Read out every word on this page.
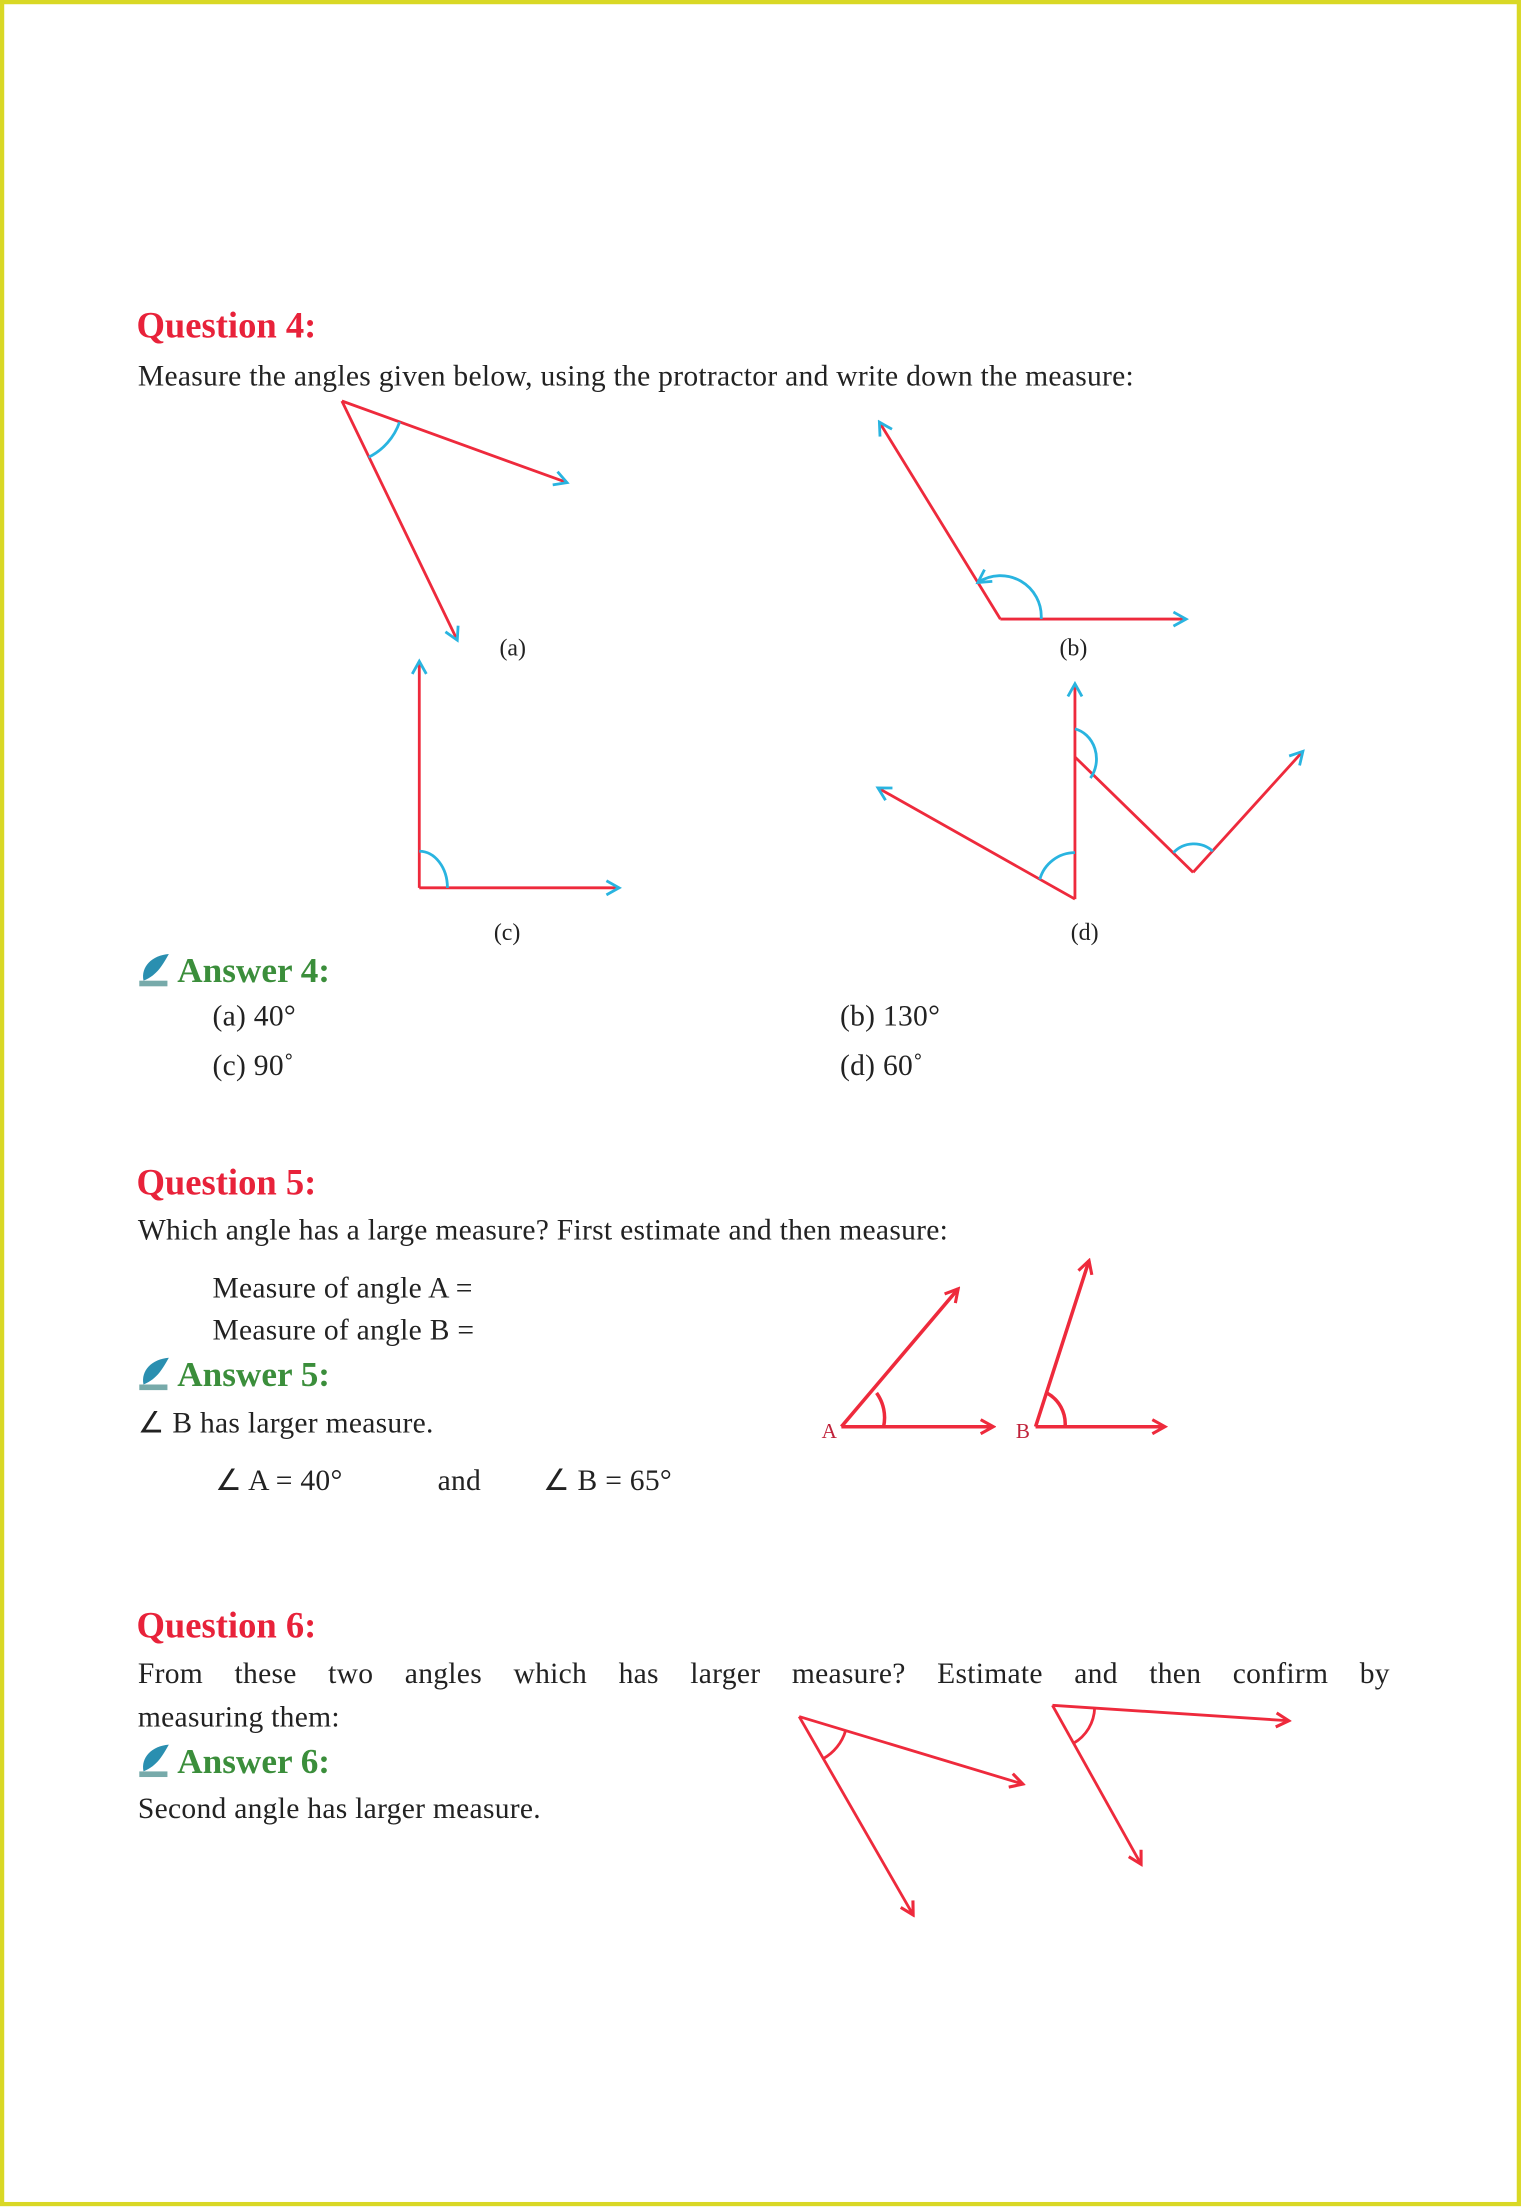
(a)	(b)
(c)	(d)
A	B
Question 4:
Measure the angles given below, using the protractor and write down the measure:
Answer 4:
(a) 40°	(b) 130°
(c) 90˚	(d) 60˚
Question 5:
Which angle has a large measure? First estimate and then measure:
Measure of angle A =
Measure of angle B =
Answer 5:
∠ B has larger measure.
∠ A = 40°	and	∠ B = 65°
Question 6:
From these two angles which has larger measure? Estimate and then confirm by
measuring them:
Answer 6:
Second angle has larger measure.
